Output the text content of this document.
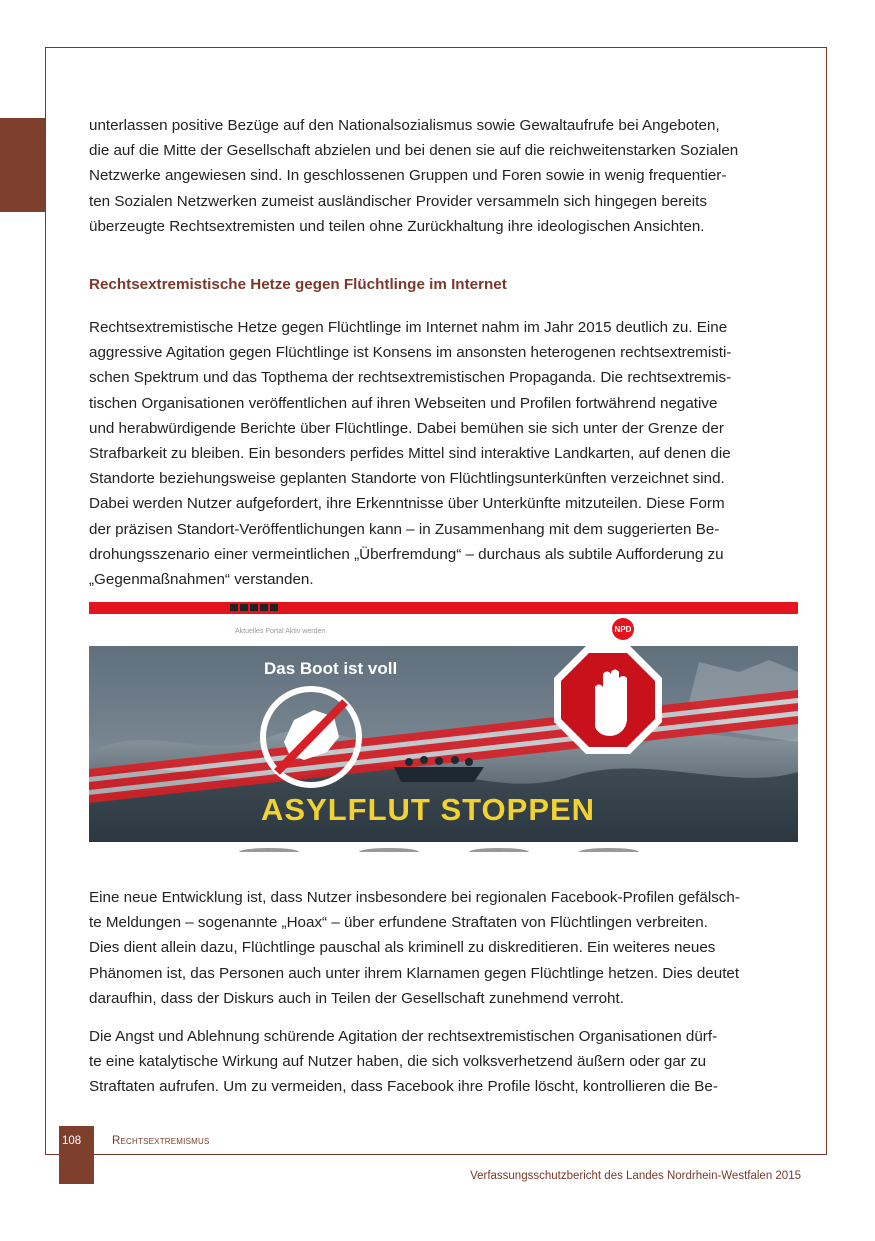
unterlassen positive Bezüge auf den Nationalsozialismus sowie Gewaltaufrufe bei Angeboten,
die auf die Mitte der Gesellschaft abzielen und bei denen sie auf die reichweitenstarken Sozialen
Netzwerke angewiesen sind. In geschlossenen Gruppen und Foren sowie in wenig frequentier-
ten Sozialen Netzwerken zumeist ausländischer Provider versammeln sich hingegen bereits
überzeugte Rechtsextremisten und teilen ohne Zurückhaltung ihre ideologischen Ansichten.
Rechtsextremistische Hetze gegen Flüchtlinge im Internet
Rechtsextremistische Hetze gegen Flüchtlinge im Internet nahm im Jahr 2015 deutlich zu. Eine
aggressive Agitation gegen Flüchtlinge ist Konsens im ansonsten heterogenen rechtsextremisti-
schen Spektrum und das Topthema der rechtsextremistischen Propaganda. Die rechtsextremis-
tischen Organisationen veröffentlichen auf ihren Webseiten und Profilen fortwährend negative
und herabwürdigende Berichte über Flüchtlinge. Dabei bemühen sie sich unter der Grenze der
Strafbarkeit zu bleiben. Ein besonders perfides Mittel sind interaktive Landkarten, auf denen die
Standorte beziehungsweise geplanten Standorte von Flüchtlingsunterkünften verzeichnet sind.
Dabei werden Nutzer aufgefordert, ihre Erkenntnisse über Unterkünfte mitzuteilen. Diese Form
der präzisen Standort-Veröffentlichungen kann – in Zusammenhang mit dem suggerierten Be-
drohungsszenario einer vermeintlichen „Überfremdung“ – durchaus als subtile Aufforderung zu
„Gegenmaßnahmen“ verstanden.
Aktuelles Portal Aktiv werden	NPD
Das Boot ist voll
ASYLFLUT STOPPEN
Eine neue Entwicklung ist, dass Nutzer insbesondere bei regionalen Facebook-Profilen gefälsch-
te Meldungen – sogenannte „Hoax“ – über erfundene Straftaten von Flüchtlingen verbreiten.
Dies dient allein dazu, Flüchtlinge pauschal als kriminell zu diskreditieren. Ein weiteres neues
Phänomen ist, das Personen auch unter ihrem Klarnamen gegen Flüchtlinge hetzen. Dies deutet
daraufhin, dass der Diskurs auch in Teilen der Gesellschaft zunehmend verroht.
Die Angst und Ablehnung schürende Agitation der rechtsextremistischen Organisationen dürf-
te eine katalytische Wirkung auf Nutzer haben, die sich volksverhetzend äußern oder gar zu
Straftaten aufrufen. Um zu vermeiden, dass Facebook ihre Profile löscht, kontrollieren die Be-
108	Rechtsextremismus
Verfassungsschutzbericht des Landes Nordrhein-Westfalen 2015
